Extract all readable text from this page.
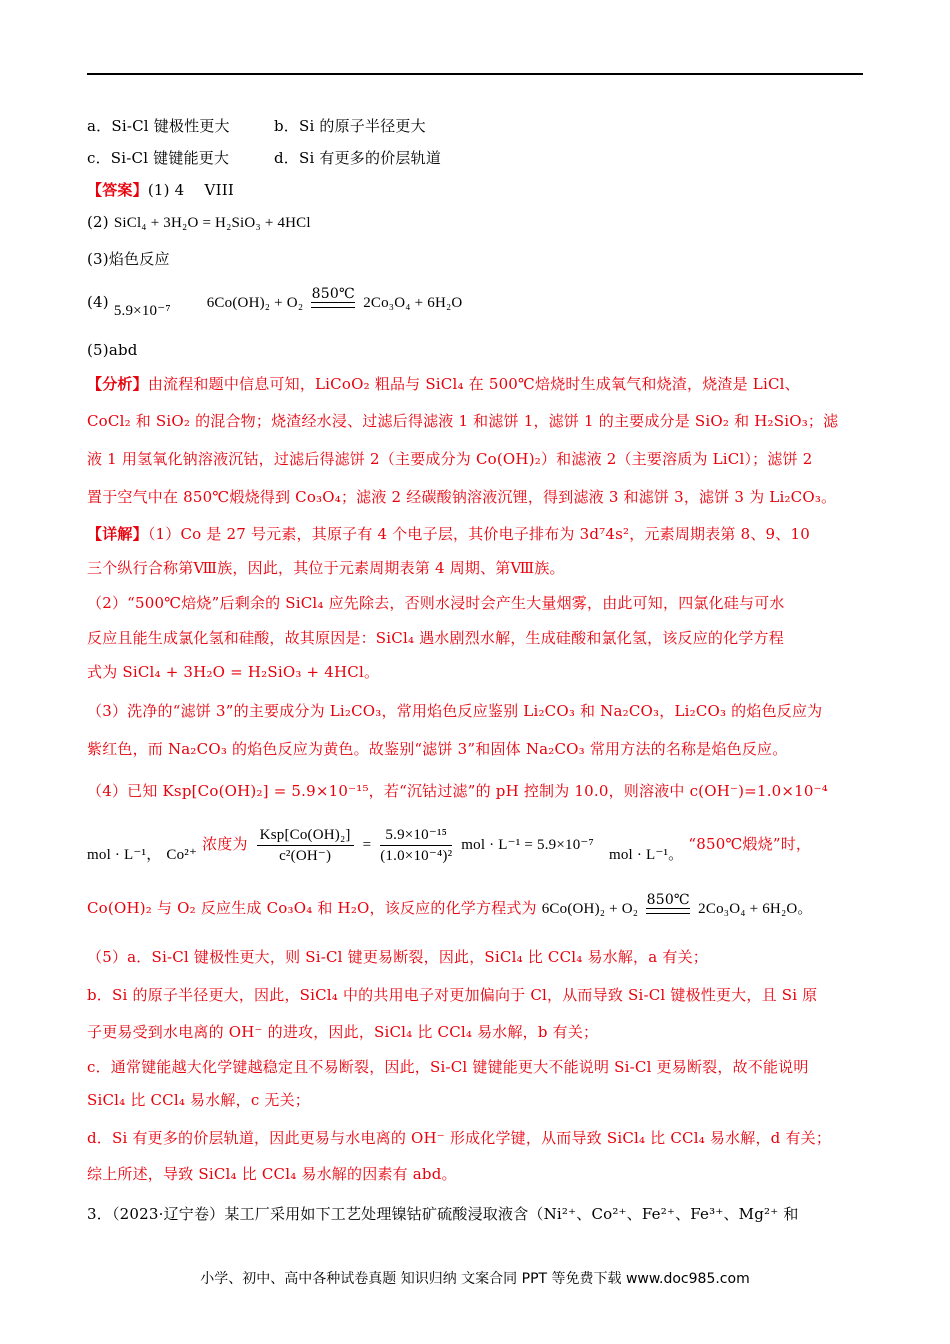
a．Si-Cl 键极性更大	b．Si 的原子半径更大
c．Si-Cl 键键能更大	d．Si 有更多的价层轨道
【答案】(1) 4　 VIII
(2) SiCl₄ + 3H₂O = H₂SiO₃ + 4HCl
(3)焰色反应
(4) 5.9×10⁻⁷ 6Co(OH)₂ + O₂
850℃
2Co₃O₄ + 6H₂O
(5)abd
【分析】由流程和题中信息可知，LiCoO₂ 粗品与 SiCl₄ 在 500℃焙烧时生成氧气和烧渣，烧渣是 LiCl、
CoCl₂ 和 SiO₂ 的混合物；烧渣经水浸、过滤后得滤液 1 和滤饼 1，滤饼 1 的主要成分是 SiO₂ 和 H₂SiO₃；滤
液 1 用氢氧化钠溶液沉钴，过滤后得滤饼 2（主要成分为 Co(OH)₂）和滤液 2（主要溶质为 LiCl）；滤饼 2
置于空气中在 850℃煅烧得到 Co₃O₄；滤液 2 经碳酸钠溶液沉锂，得到滤液 3 和滤饼 3，滤饼 3 为 Li₂CO₃。
【详解】（1）Co 是 27 号元素，其原子有 4 个电子层，其价电子排布为 3d⁷4s²，元素周期表第 8、9、10
三个纵行合称第Ⅷ族，因此，其位于元素周期表第 4 周期、第Ⅷ族。
（2）“500℃焙烧”后剩余的 SiCl₄ 应先除去，否则水浸时会产生大量烟雾，由此可知，四氯化硅与可水
反应且能生成氯化氢和硅酸，故其原因是：SiCl₄ 遇水剧烈水解，生成硅酸和氯化氢，该反应的化学方程
式为 SiCl₄ + 3H₂O = H₂SiO₃ + 4HCl。
（3）洗净的“滤饼 3”的主要成分为 Li₂CO₃，常用焰色反应鉴别 Li₂CO₃ 和 Na₂CO₃，Li₂CO₃ 的焰色反应为
紫红色，而 Na₂CO₃ 的焰色反应为黄色。故鉴别“滤饼 3”和固体 Na₂CO₃ 常用方法的名称是焰色反应。
（4）已知 Ksp[Co(OH)₂] = 5.9×10⁻¹⁵，若“沉钴过滤”的 pH 控制为 10.0，则溶液中 c(OH⁻)=1.0×10⁻⁴
mol · L⁻¹， Co²⁺ 浓度为 $\frac{\text{Ksp[Co(OH)₂]}}{\text{c²(OH⁻)}} = \frac{\text{5.9×10⁻¹⁵}}{\text{(1.0×10⁻⁴)²}}$ mol · L⁻¹ = 5.9×10⁻⁷ mol · L⁻¹。 “850℃煅烧”时，
Co(OH)₂ 与 O₂ 反应生成 Co₃O₄ 和 H₂O，该反应的化学方程式为 6Co(OH)₂ + O₂
850℃
2Co₃O₄ + 6H₂O。
（5）a．Si-Cl 键极性更大，则 Si-Cl 键更易断裂，因此，SiCl₄ 比 CCl₄ 易水解，a 有关；
b．Si 的原子半径更大，因此，SiCl₄ 中的共用电子对更加偏向于 Cl，从而导致 Si-Cl 键极性更大，且 Si 原
子更易受到水电离的 OH⁻ 的进攻，因此，SiCl₄ 比 CCl₄ 易水解，b 有关；
c．通常键能越大化学键越稳定且不易断裂，因此，Si-Cl 键键能更大不能说明 Si-Cl 更易断裂，故不能说明
SiCl₄ 比 CCl₄ 易水解，c 无关；
d．Si 有更多的价层轨道，因此更易与水电离的 OH⁻ 形成化学键，从而导致 SiCl₄ 比 CCl₄ 易水解，d 有关；
综上所述，导致 SiCl₄ 比 CCl₄ 易水解的因素有 abd。
3．（2023·辽宁卷）某工厂采用如下工艺处理镍钴矿硫酸浸取液含（Ni²⁺、Co²⁺、Fe²⁺、Fe³⁺、Mg²⁺ 和
小学、初中、高中各种试卷真题 知识归纳 文案合同 PPT 等免费下载 www.doc985.com
